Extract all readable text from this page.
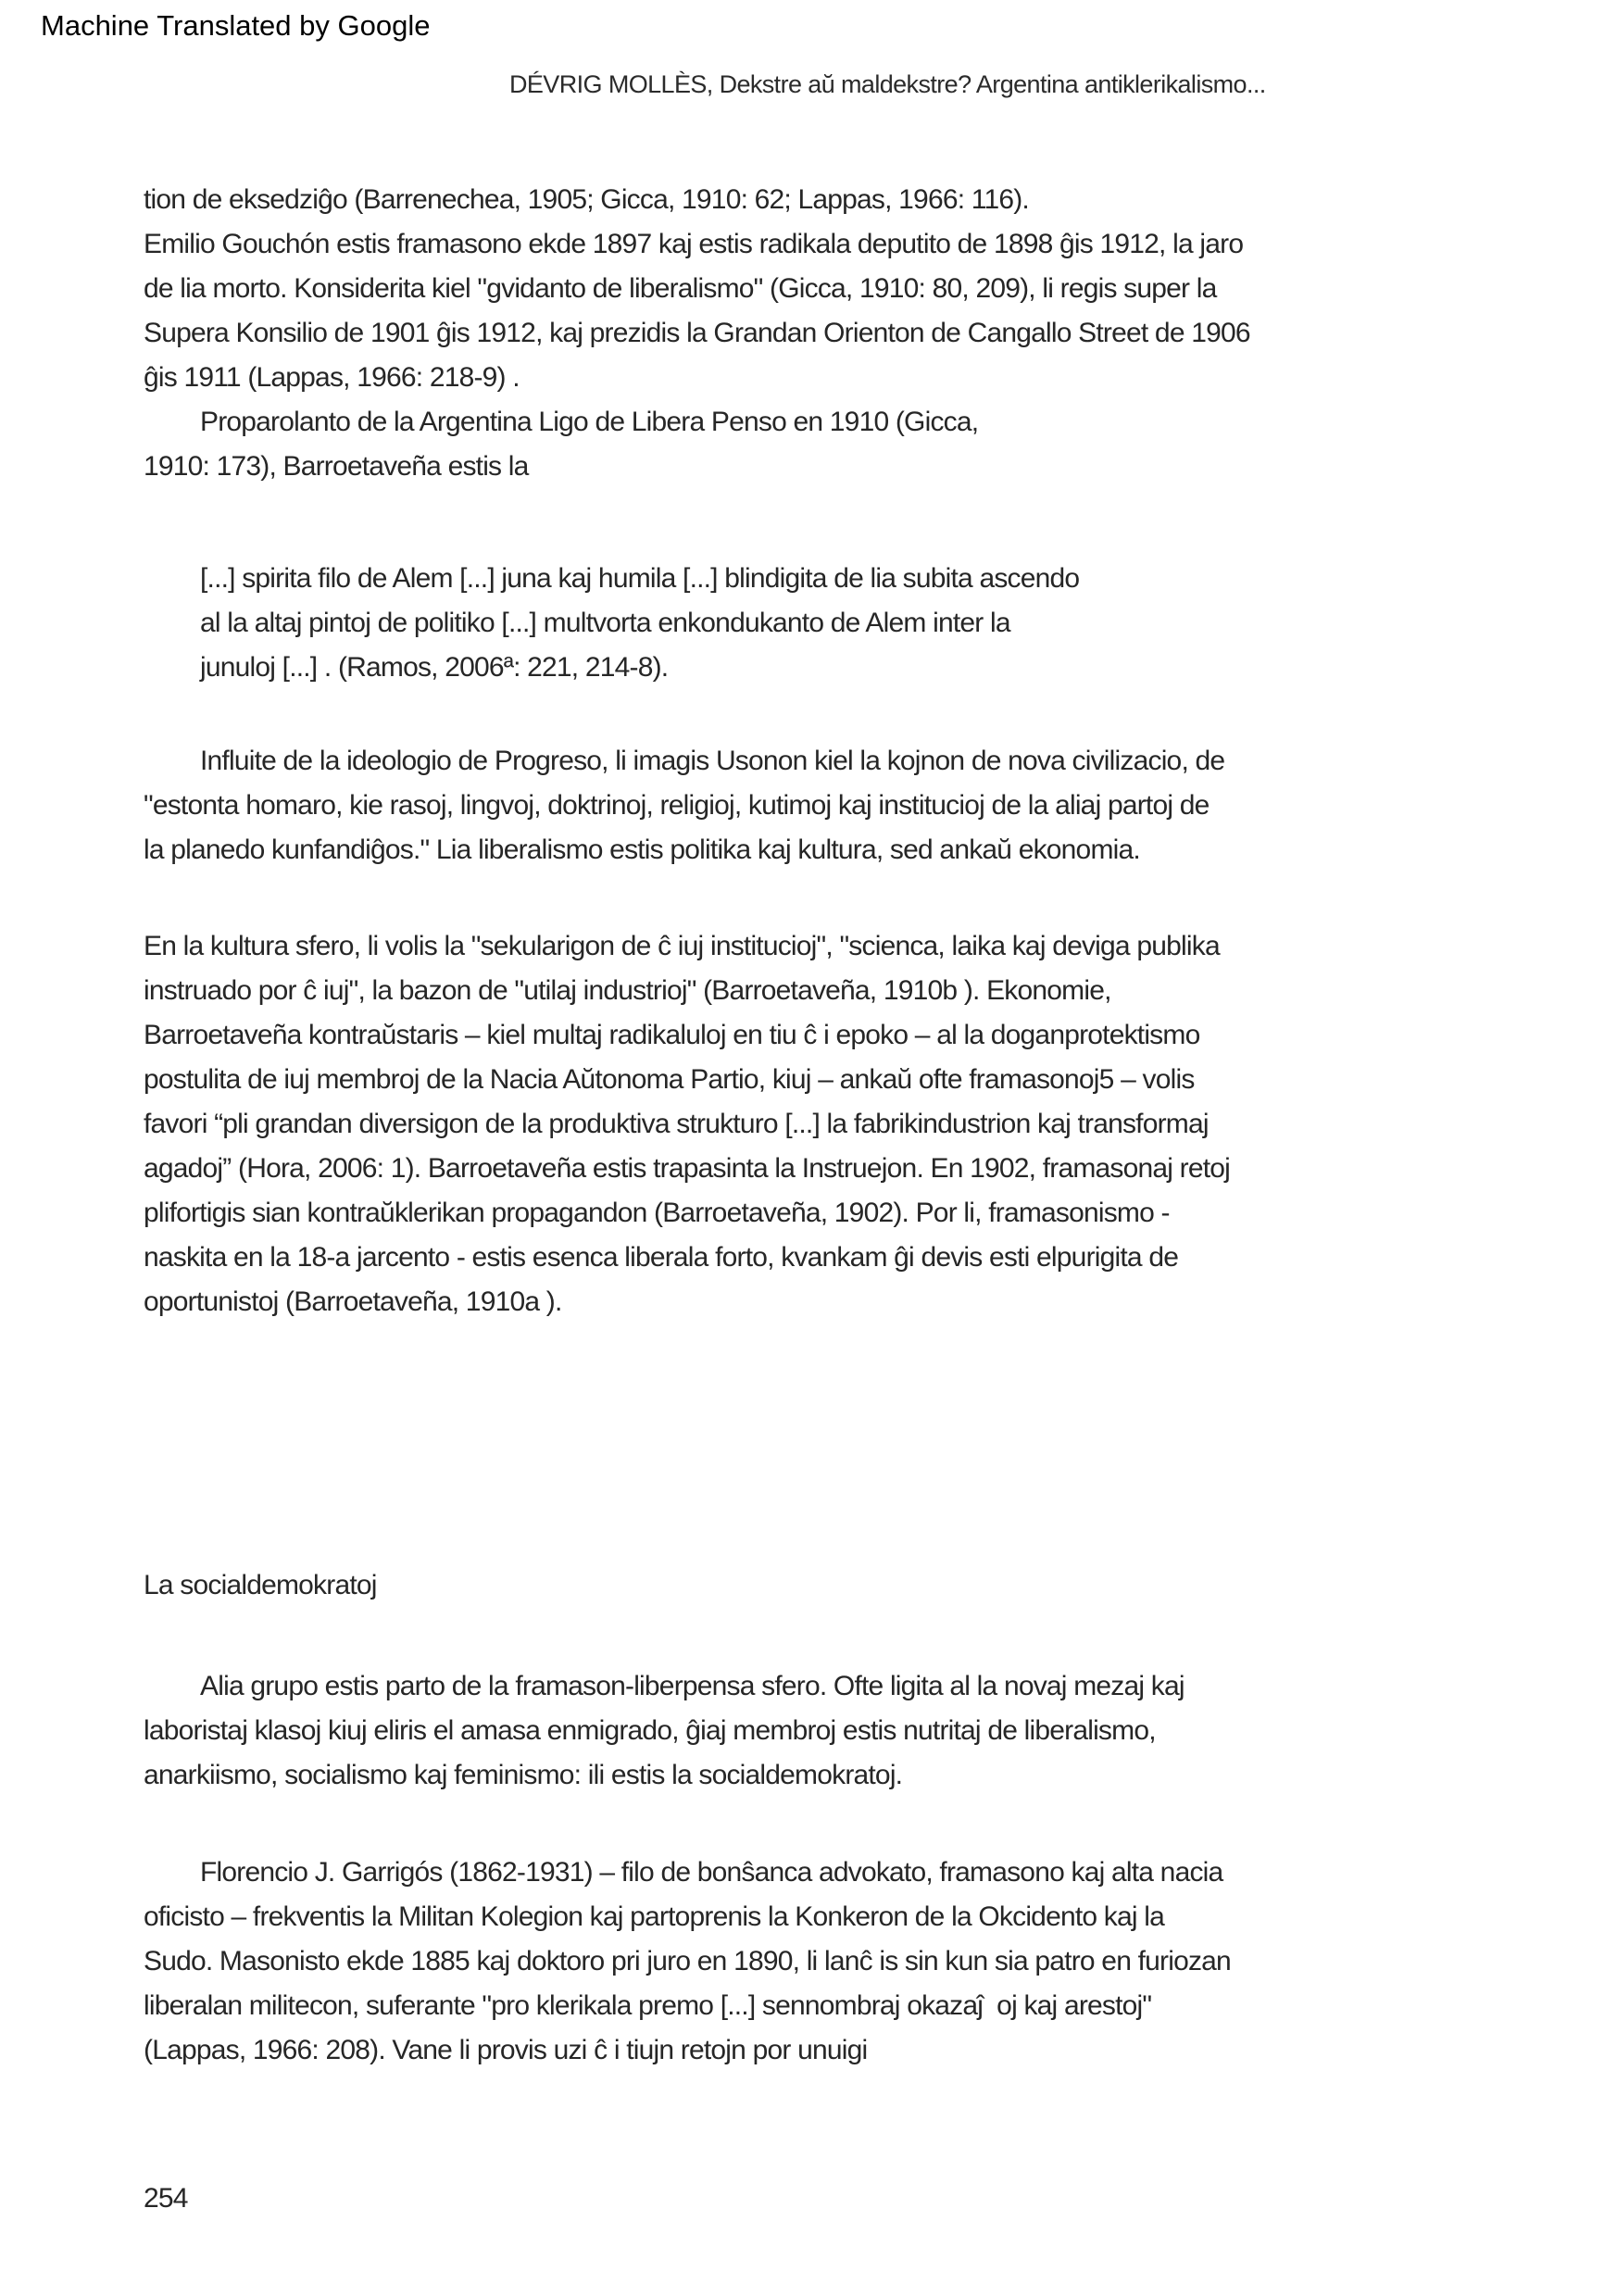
Machine Translated by Google
DÉVRIG MOLLÈS, Dekstre aŭ maldekstre? Argentina antiklerikalismo...
tion de eksedziĝo (Barrenechea, 1905; Gicca, 1910: 62; Lappas, 1966: 116).
Emilio Gouchón estis framasono ekde 1897 kaj estis radikala deputito de 1898 ĝis 1912, la jaro
de lia morto. Konsiderita kiel "gvidanto de liberalismo" (Gicca, 1910: 80, 209), li regis super la
Supera Konsilio de 1901 ĝis 1912, kaj prezidis la Grandan Orienton de Cangallo Street de 1906
ĝis 1911 (Lappas, 1966: 218-9) .
Proparolanto de la Argentina Ligo de Libera Penso en 1910 (Gicca,
1910: 173), Barroetaveña estis la
[...] spirita filo de Alem [...] juna kaj humila [...] blindigita de lia subita ascendo
al la altaj pintoj de politiko [...] multvorta enkondukanto de Alem inter la
junuloj [...] . (Ramos, 2006ª: 221, 214-8).
Influite de la ideologio de Progreso, li imagis Usonon kiel la kojnon de nova civilizacio, de
"estonta homaro, kie rasoj, lingvoj, doktrinoj, religioj, kutimoj kaj institucioj de la aliaj partoj de
la planedo kunfandiĝos." Lia liberalismo estis politika kaj kultura, sed ankaŭ ekonomia.
En la kultura sfero, li volis la "sekularigon de ĉ iuj institucioj", "scienca, laika kaj deviga publika
instruado por ĉ iuj", la bazon de "utilaj industrioj" (Barroetaveña, 1910b ). Ekonomie,
Barroetaveña kontraŭstaris – kiel multaj radikaluloj en tiu ĉ i epoko – al la doganprotektismo
postulita de iuj membroj de la Nacia Aŭtonoma Partio, kiuj – ankaŭ ofte framasonoj5 – volis
favori “pli grandan diversigon de la produktiva strukturo [...] la fabrikindustrion kaj transformaj
agadoj” (Hora, 2006: 1). Barroetaveña estis trapasinta la Instruejon. En 1902, framasonaj retoj
plifortigis sian kontraŭklerikan propagandon (Barroetaveña, 1902). Por li, framasonismo -
naskita en la 18-a jarcento - estis esenca liberala forto, kvankam ĝi devis esti elpurigita de
oportunistoj (Barroetaveña, 1910a ).
La socialdemokratoj
Alia grupo estis parto de la framason-liberpensa sfero. Ofte ligita al la novaj mezaj kaj
laboristaj klasoj kiuj eliris el amasa enmigrado, ĝiaj membroj estis nutritaj de liberalismo,
anarkiismo, socialismo kaj feminismo: ili estis la socialdemokratoj.
Florencio J. Garrigós (1862-1931) – filo de bonŝanca advokato, framasono kaj alta nacia
oficisto – frekventis la Militan Kolegion kaj partoprenis la Konkeron de la Okcidento kaj la
Sudo. Masonisto ekde 1885 kaj doktoro pri juro en 1890, li lanĉ is sin kun sia patro en furiozan
liberalan militecon, suferante "pro klerikala premo [...] sennombraj okazaĵ  oj kaj arestoj"
(Lappas, 1966: 208). Vane li provis uzi ĉ i tiujn retojn por unuigi
254
